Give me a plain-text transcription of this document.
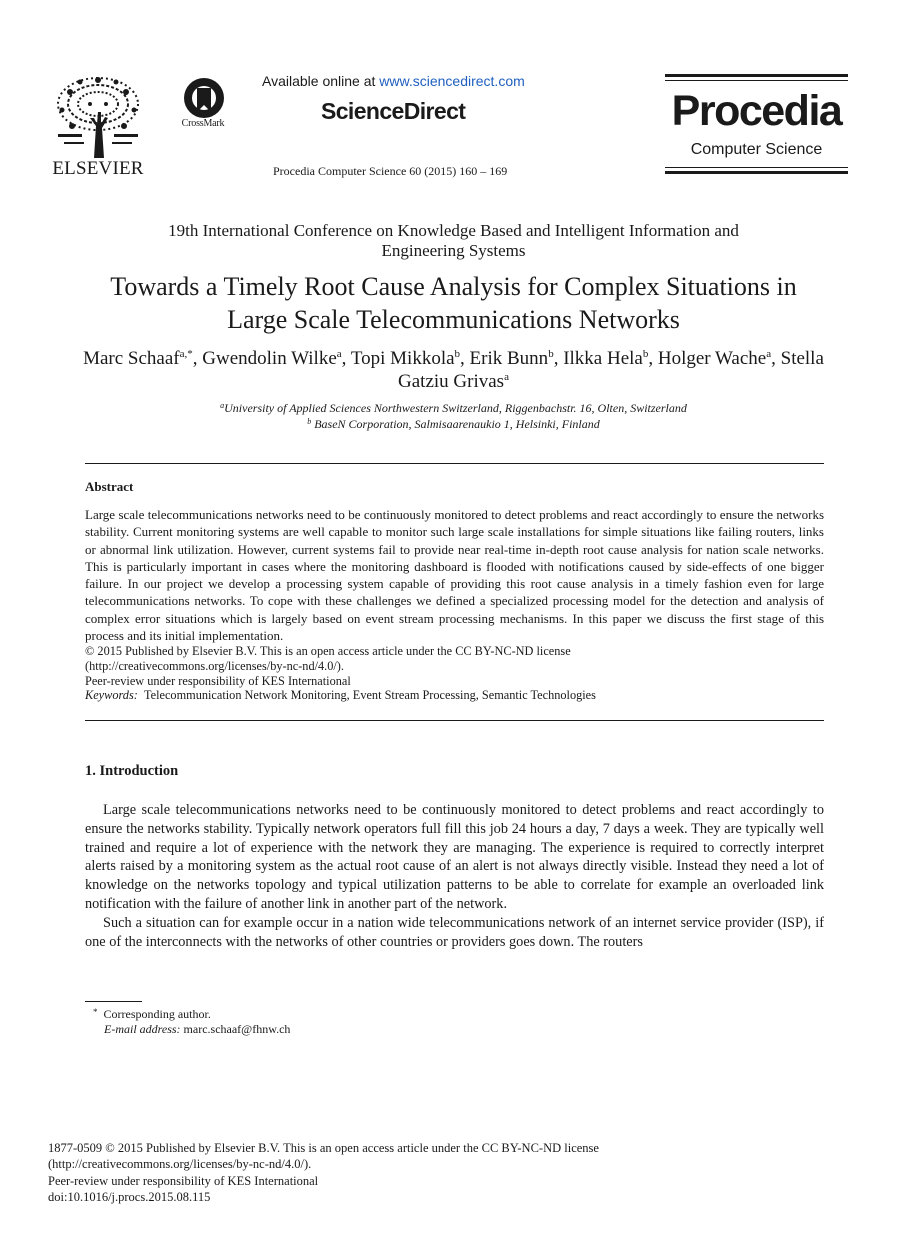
ELSEVIER
CrossMark
Available online at www.sciencedirect.com
ScienceDirect
Procedia Computer Science 60 (2015) 160 – 169
Procedia
Computer Science
19th International Conference on Knowledge Based and Intelligent Information and
Engineering Systems
Towards a Timely Root Cause Analysis for Complex Situations in
Large Scale Telecommunications Networks
Marc Schaaf$^{a,*}$, Gwendolin Wilke$^a$, Topi Mikkola$^b$, Erik Bunn$^b$, Ilkka Hela$^b$, Holger Wache$^a$, Stella Gatziu Grivas$^a$
$^a$University of Applied Sciences Northwestern Switzerland, Riggenbachstr. 16, Olten, Switzerland
$^b$ BaseN Corporation, Salmisaarenaukio 1, Helsinki, Finland
Abstract

Large scale telecommunications networks need to be continuously monitored to detect problems and react accordingly to ensure the networks stability. Current monitoring systems are well capable to monitor such large scale installations for simple situations like failing routers, links or abnormal link utilization. However, current systems fail to provide near real-time in-depth root cause analysis for nation scale networks. This is particularly important in cases where the monitoring dashboard is flooded with notifications caused by side-effects of one bigger failure. In our project we develop a processing system capable of providing this root cause analysis in a timely fashion even for large telecommunications networks. To cope with these challenges we defined a specialized processing model for the detection and analysis of complex error situations which is largely based on event stream processing mechanisms. In this paper we discuss the first stage of this process and its initial implementation.

© 2015 Published by Elsevier B.V. This is an open access article under the CC BY-NC-ND license
(http://creativecommons.org/licenses/by-nc-nd/4.0/).
Peer-review under responsibility of KES International
Keywords: Telecommunication Network Monitoring, Event Stream Processing, Semantic Technologies
1. Introduction

Large scale telecommunications networks need to be continuously monitored to detect problems and react accordingly to ensure the networks stability. Typically network operators full fill this job 24 hours a day, 7 days a week. They are typically well trained and require a lot of experience with the network they are managing. The experience is required to correctly interpret alerts raised by a monitoring system as the actual root cause of an alert is not always directly visible. Instead they need a lot of knowledge on the networks topology and typical utilization patterns to be able to correlate for example an overloaded link notification with the failure of another link in another part of the network.

Such a situation can for example occur in a nation wide telecommunications network of an internet service provider (ISP), if one of the interconnects with the networks of other countries or providers goes down. The routers

* Corresponding author.
E-mail address: marc.schaaf@fhnw.ch
1877-0509 © 2015 Published by Elsevier B.V. This is an open access article under the CC BY-NC-ND license
(http://creativecommons.org/licenses/by-nc-nd/4.0/).
Peer-review under responsibility of KES International
doi:10.1016/j.procs.2015.08.115
